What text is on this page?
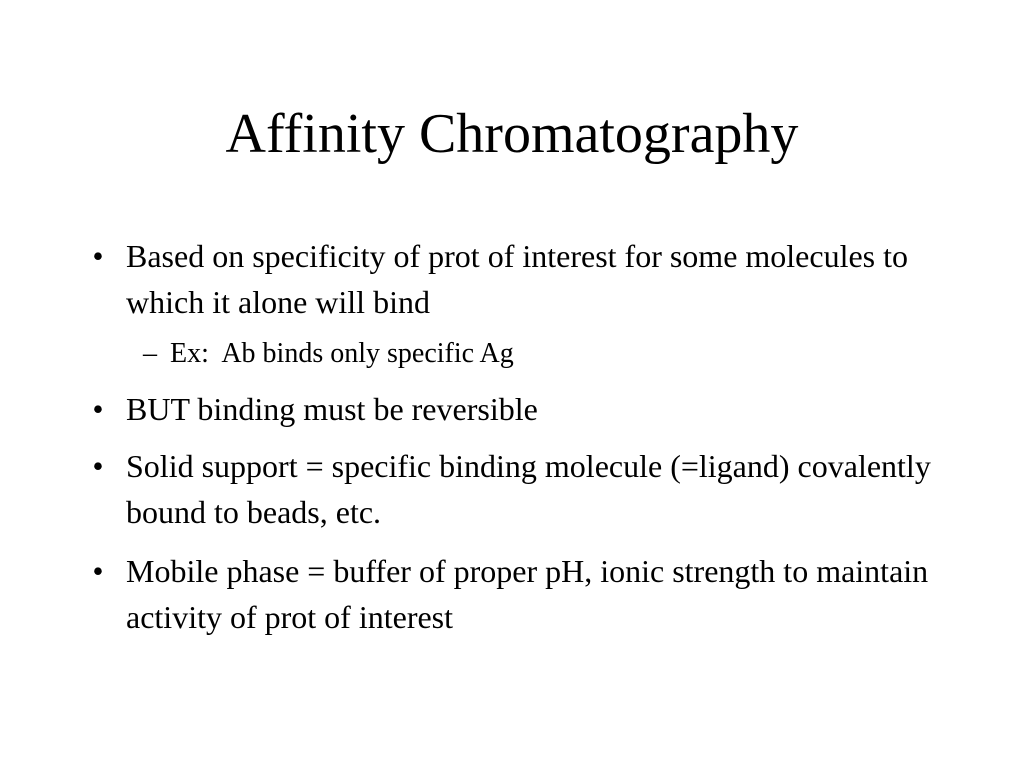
Affinity Chromatography
• Based on specificity of prot of interest for some molecules to which it alone will bind
– Ex:  Ab binds only specific Ag
• BUT binding must be reversible
• Solid support = specific binding molecule (=ligand) covalently bound to beads, etc.
• Mobile phase = buffer of proper pH, ionic strength to maintain activity of prot of interest
